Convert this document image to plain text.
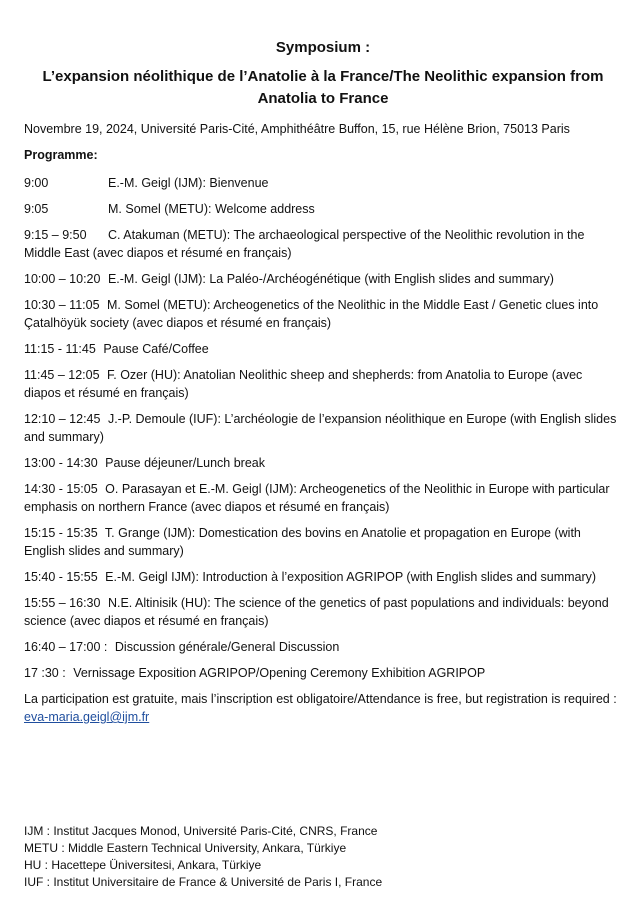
Symposium :
L’expansion néolithique de l’Anatolie à la France/The Neolithic expansion from Anatolia to France
Novembre 19, 2024, Université Paris-Cité, Amphithéâtre Buffon, 15, rue Hélène Brion, 75013 Paris
Programme:
9:00	E.-M. Geigl (IJM): Bienvenue
9:05	M. Somel (METU): Welcome address
9:15 – 9:50 C. Atakuman (METU): The archaeological perspective of the Neolithic revolution in the Middle East (avec diapos et résumé en français)
10:00 – 10:20 E.-M. Geigl (IJM): La Paléo-/Archéogénétique (with English slides and summary)
10:30 – 11:05 M. Somel (METU): Archeogenetics of the Neolithic in the Middle East / Genetic clues into Çatalhöyük society (avec diapos et résumé en français)
11:15 - 11:45 Pause Café/Coffee
11:45 – 12:05 F. Ozer (HU): Anatolian Neolithic sheep and shepherds: from Anatolia to Europe (avec diapos et résumé en français)
12:10 – 12:45 J.-P. Demoule (IUF): L’archéologie de l’expansion néolithique en Europe (with English slides and summary)
13:00 - 14:30 Pause déjeuner/Lunch break
14:30 - 15:05 O. Parasayan et E.-M. Geigl (IJM): Archeogenetics of the Neolithic in Europe with particular emphasis on northern France (avec diapos et résumé en français)
15:15 - 15:35 T. Grange (IJM): Domestication des bovins en Anatolie et propagation en Europe (with English slides and summary)
15:40 - 15:55 E.-M. Geigl IJM): Introduction à l’exposition AGRIPOP (with English slides and summary)
15:55 – 16:30 N.E. Altinisik (HU): The science of the genetics of past populations and individuals: beyond science (avec diapos et résumé en français)
16:40 – 17:00 : Discussion générale/General Discussion
17 :30 : Vernissage Exposition AGRIPOP/Opening Ceremony Exhibition AGRIPOP
La participation est gratuite, mais l’inscription est obligatoire/Attendance is free, but registration is required : eva-maria.geigl@ijm.fr
IJM : Institut Jacques Monod, Université Paris-Cité, CNRS, France
METU : Middle Eastern Technical University, Ankara, Türkiye
HU : Hacettepe Üniversitesi, Ankara, Türkiye
IUF : Institut Universitaire de France & Université de Paris I, France
